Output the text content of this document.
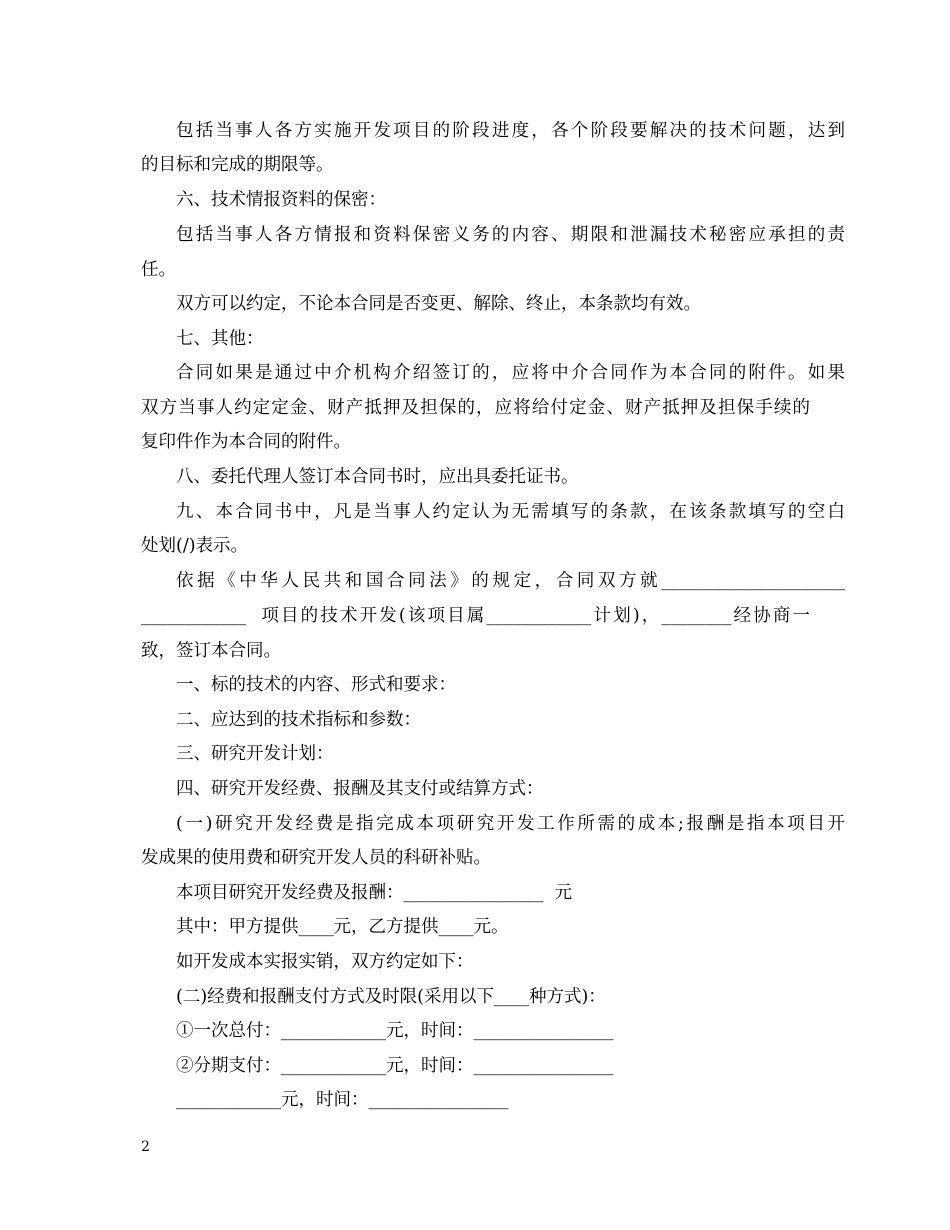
包括当事人各方实施开发项目的阶段进度，各个阶段要解决的技术问题，达到
的目标和完成的期限等。
六、技术情报资料的保密：
包括当事人各方情报和资料保密义务的内容、期限和泄漏技术秘密应承担的责
任。
双方可以约定，不论本合同是否变更、解除、终止，本条款均有效。
七、其他：
合同如果是通过中介机构介绍签订的，应将中介合同作为本合同的附件。如果
双方当事人约定定金、财产抵押及担保的，应将给付定金、财产抵押及担保手续的
复印件作为本合同的附件。
八、委托代理人签订本合同书时，应出具委托证书。
九、本合同书中，凡是当事人约定认为无需填写的条款，在该条款填写的空白
处划(/)表示。
依据《中华人民共和国合同法》的规定，合同双方就_____________________
____________  项目的技术开发(该项目属____________计划)，________经协商一
致，签订本合同。
一、标的技术的内容、形式和要求：
二、应达到的技术指标和参数：
三、研究开发计划：
四、研究开发经费、报酬及其支付或结算方式：
(一)研究开发经费是指完成本项研究开发工作所需的成本;报酬是指本项目开
发成果的使用费和研究开发人员的科研补贴。
本项目研究开发经费及报酬：________________  元
其中：甲方提供____元，乙方提供____元。
如开发成本实报实销，双方约定如下：
(二)经费和报酬支付方式及时限(采用以下____种方式)：
①一次总付：____________元，时间：________________
②分期支付：____________元，时间：________________
____________元，时间：________________
2
